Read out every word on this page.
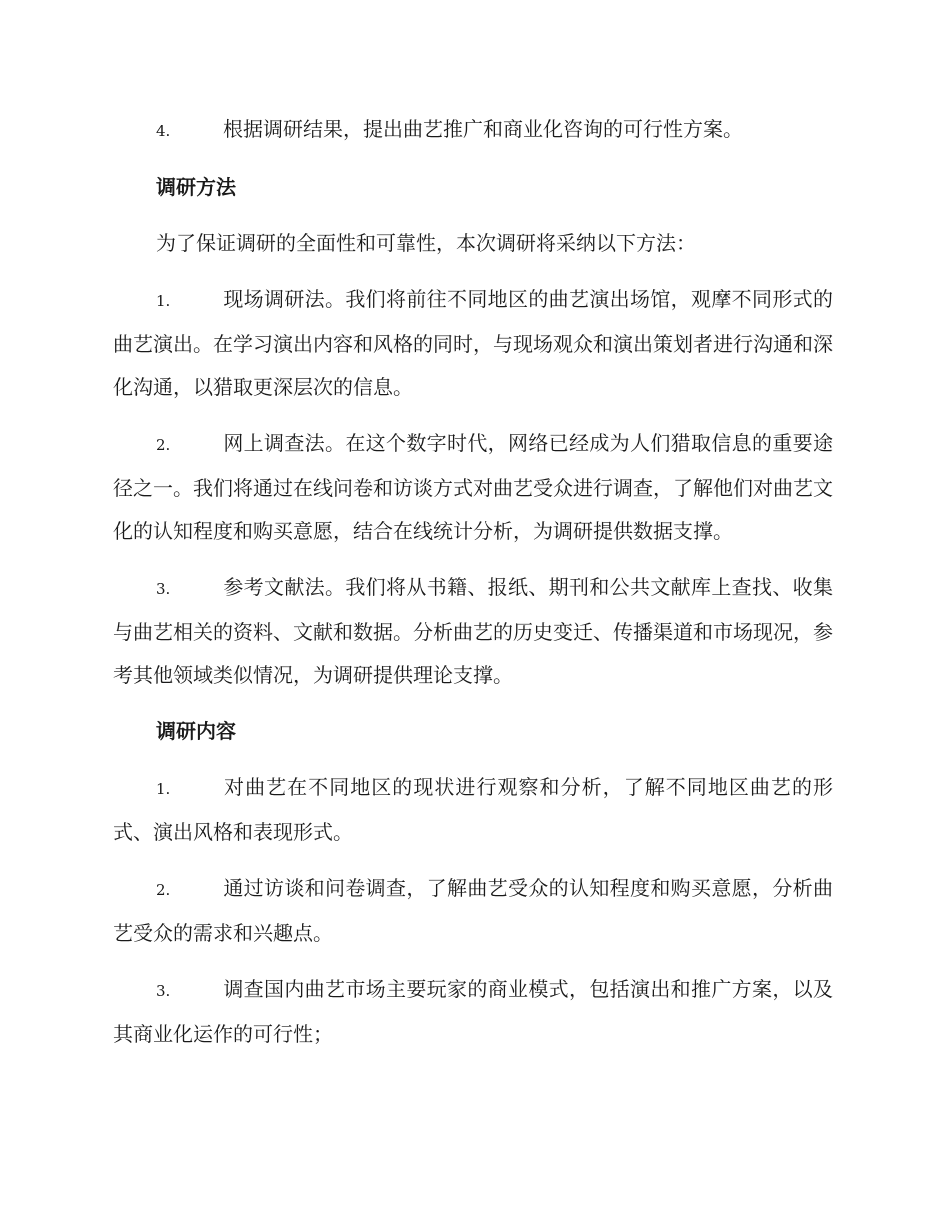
4.	根据调研结果，提出曲艺推广和商业化咨询的可行性方案。

调研方法

为了保证调研的全面性和可靠性，本次调研将采纳以下方法：

1.	现场调研法。我们将前往不同地区的曲艺演出场馆，观摩不同形式的曲艺演出。在学习演出内容和风格的同时，与现场观众和演出策划者进行沟通和深化沟通，以猎取更深层次的信息。

2.	网上调查法。在这个数字时代，网络已经成为人们猎取信息的重要途径之一。我们将通过在线问卷和访谈方式对曲艺受众进行调查，了解他们对曲艺文化的认知程度和购买意愿，结合在线统计分析，为调研提供数据支撑。

3.	参考文献法。我们将从书籍、报纸、期刊和公共文献库上查找、收集与曲艺相关的资料、文献和数据。分析曲艺的历史变迁、传播渠道和市场现况，参考其他领域类似情况，为调研提供理论支撑。

调研内容

1.	对曲艺在不同地区的现状进行观察和分析，了解不同地区曲艺的形式、演出风格和表现形式。

2.	通过访谈和问卷调查，了解曲艺受众的认知程度和购买意愿，分析曲艺受众的需求和兴趣点。

3.	调查国内曲艺市场主要玩家的商业模式，包括演出和推广方案，以及其商业化运作的可行性；
